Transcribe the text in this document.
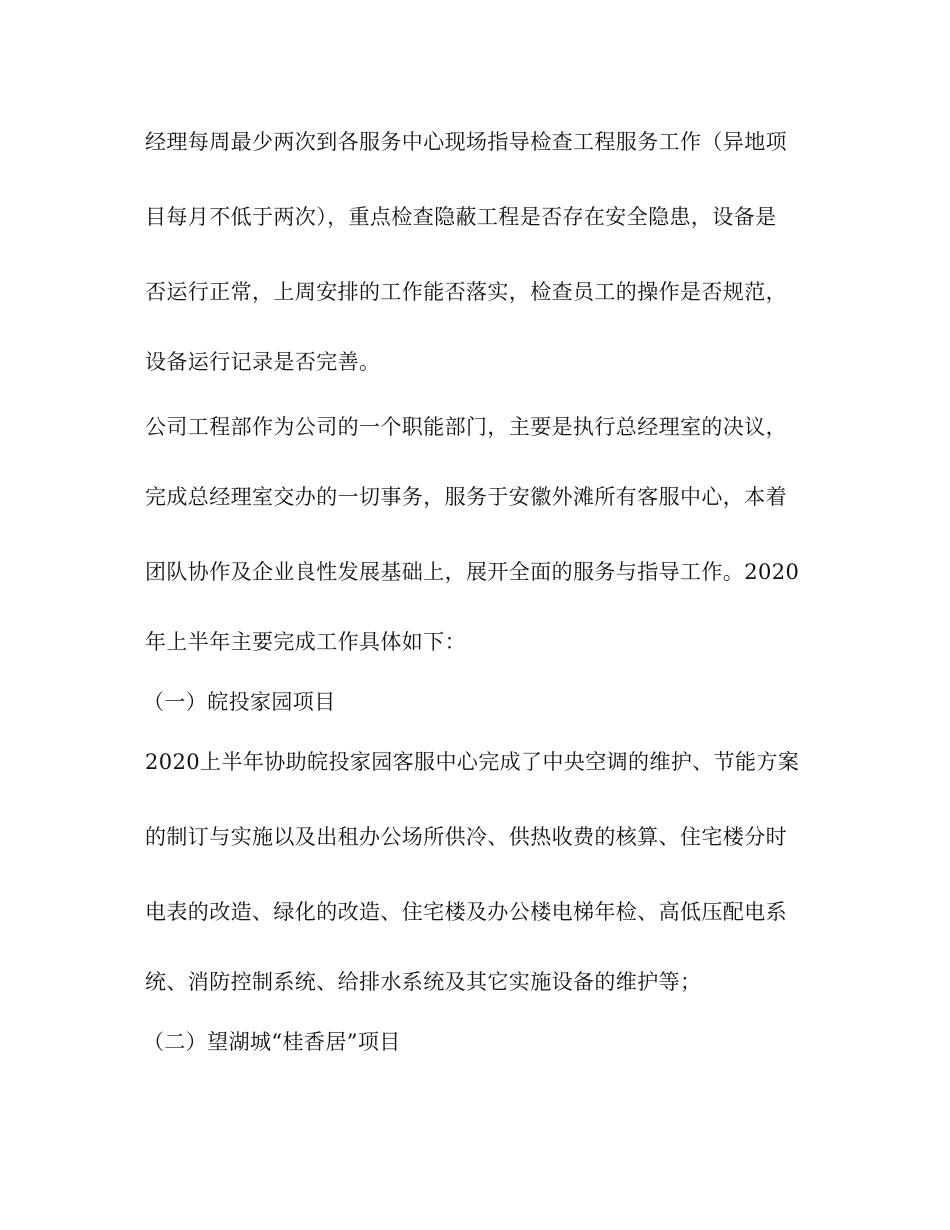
经理每周最少两次到各服务中心现场指导检查工程服务工作（异地项
目每月不低于两次），重点检查隐蔽工程是否存在安全隐患，设备是
否运行正常，上周安排的工作能否落实，检查员工的操作是否规范，
设备运行记录是否完善。
公司工程部作为公司的一个职能部门，主要是执行总经理室的决议，
完成总经理室交办的一切事务，服务于安徽外滩所有客服中心，本着
团队协作及企业良性发展基础上，展开全面的服务与指导工作。2020
年上半年主要完成工作具体如下：
（一）皖投家园项目
2020上半年协助皖投家园客服中心完成了中央空调的维护、节能方案
的制订与实施以及出租办公场所供冷、供热收费的核算、住宅楼分时
电表的改造、绿化的改造、住宅楼及办公楼电梯年检、高低压配电系
统、消防控制系统、给排水系统及其它实施设备的维护等；
（二）望湖城“桂香居”项目
